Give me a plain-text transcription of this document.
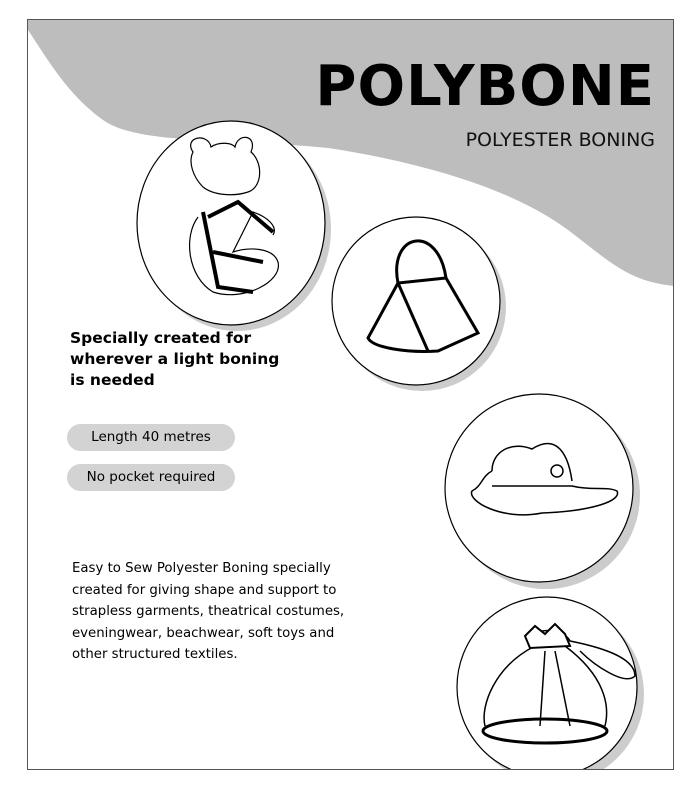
POLYBONE

POLYESTER BONING

Specially created for wherever a light boning is needed

Length 40 metres
No pocket required

Easy to Sew Polyester Boning specially created for giving shape and support to strapless garments, theatrical costumes, eveningwear, beachwear, soft toys and other structured textiles.
